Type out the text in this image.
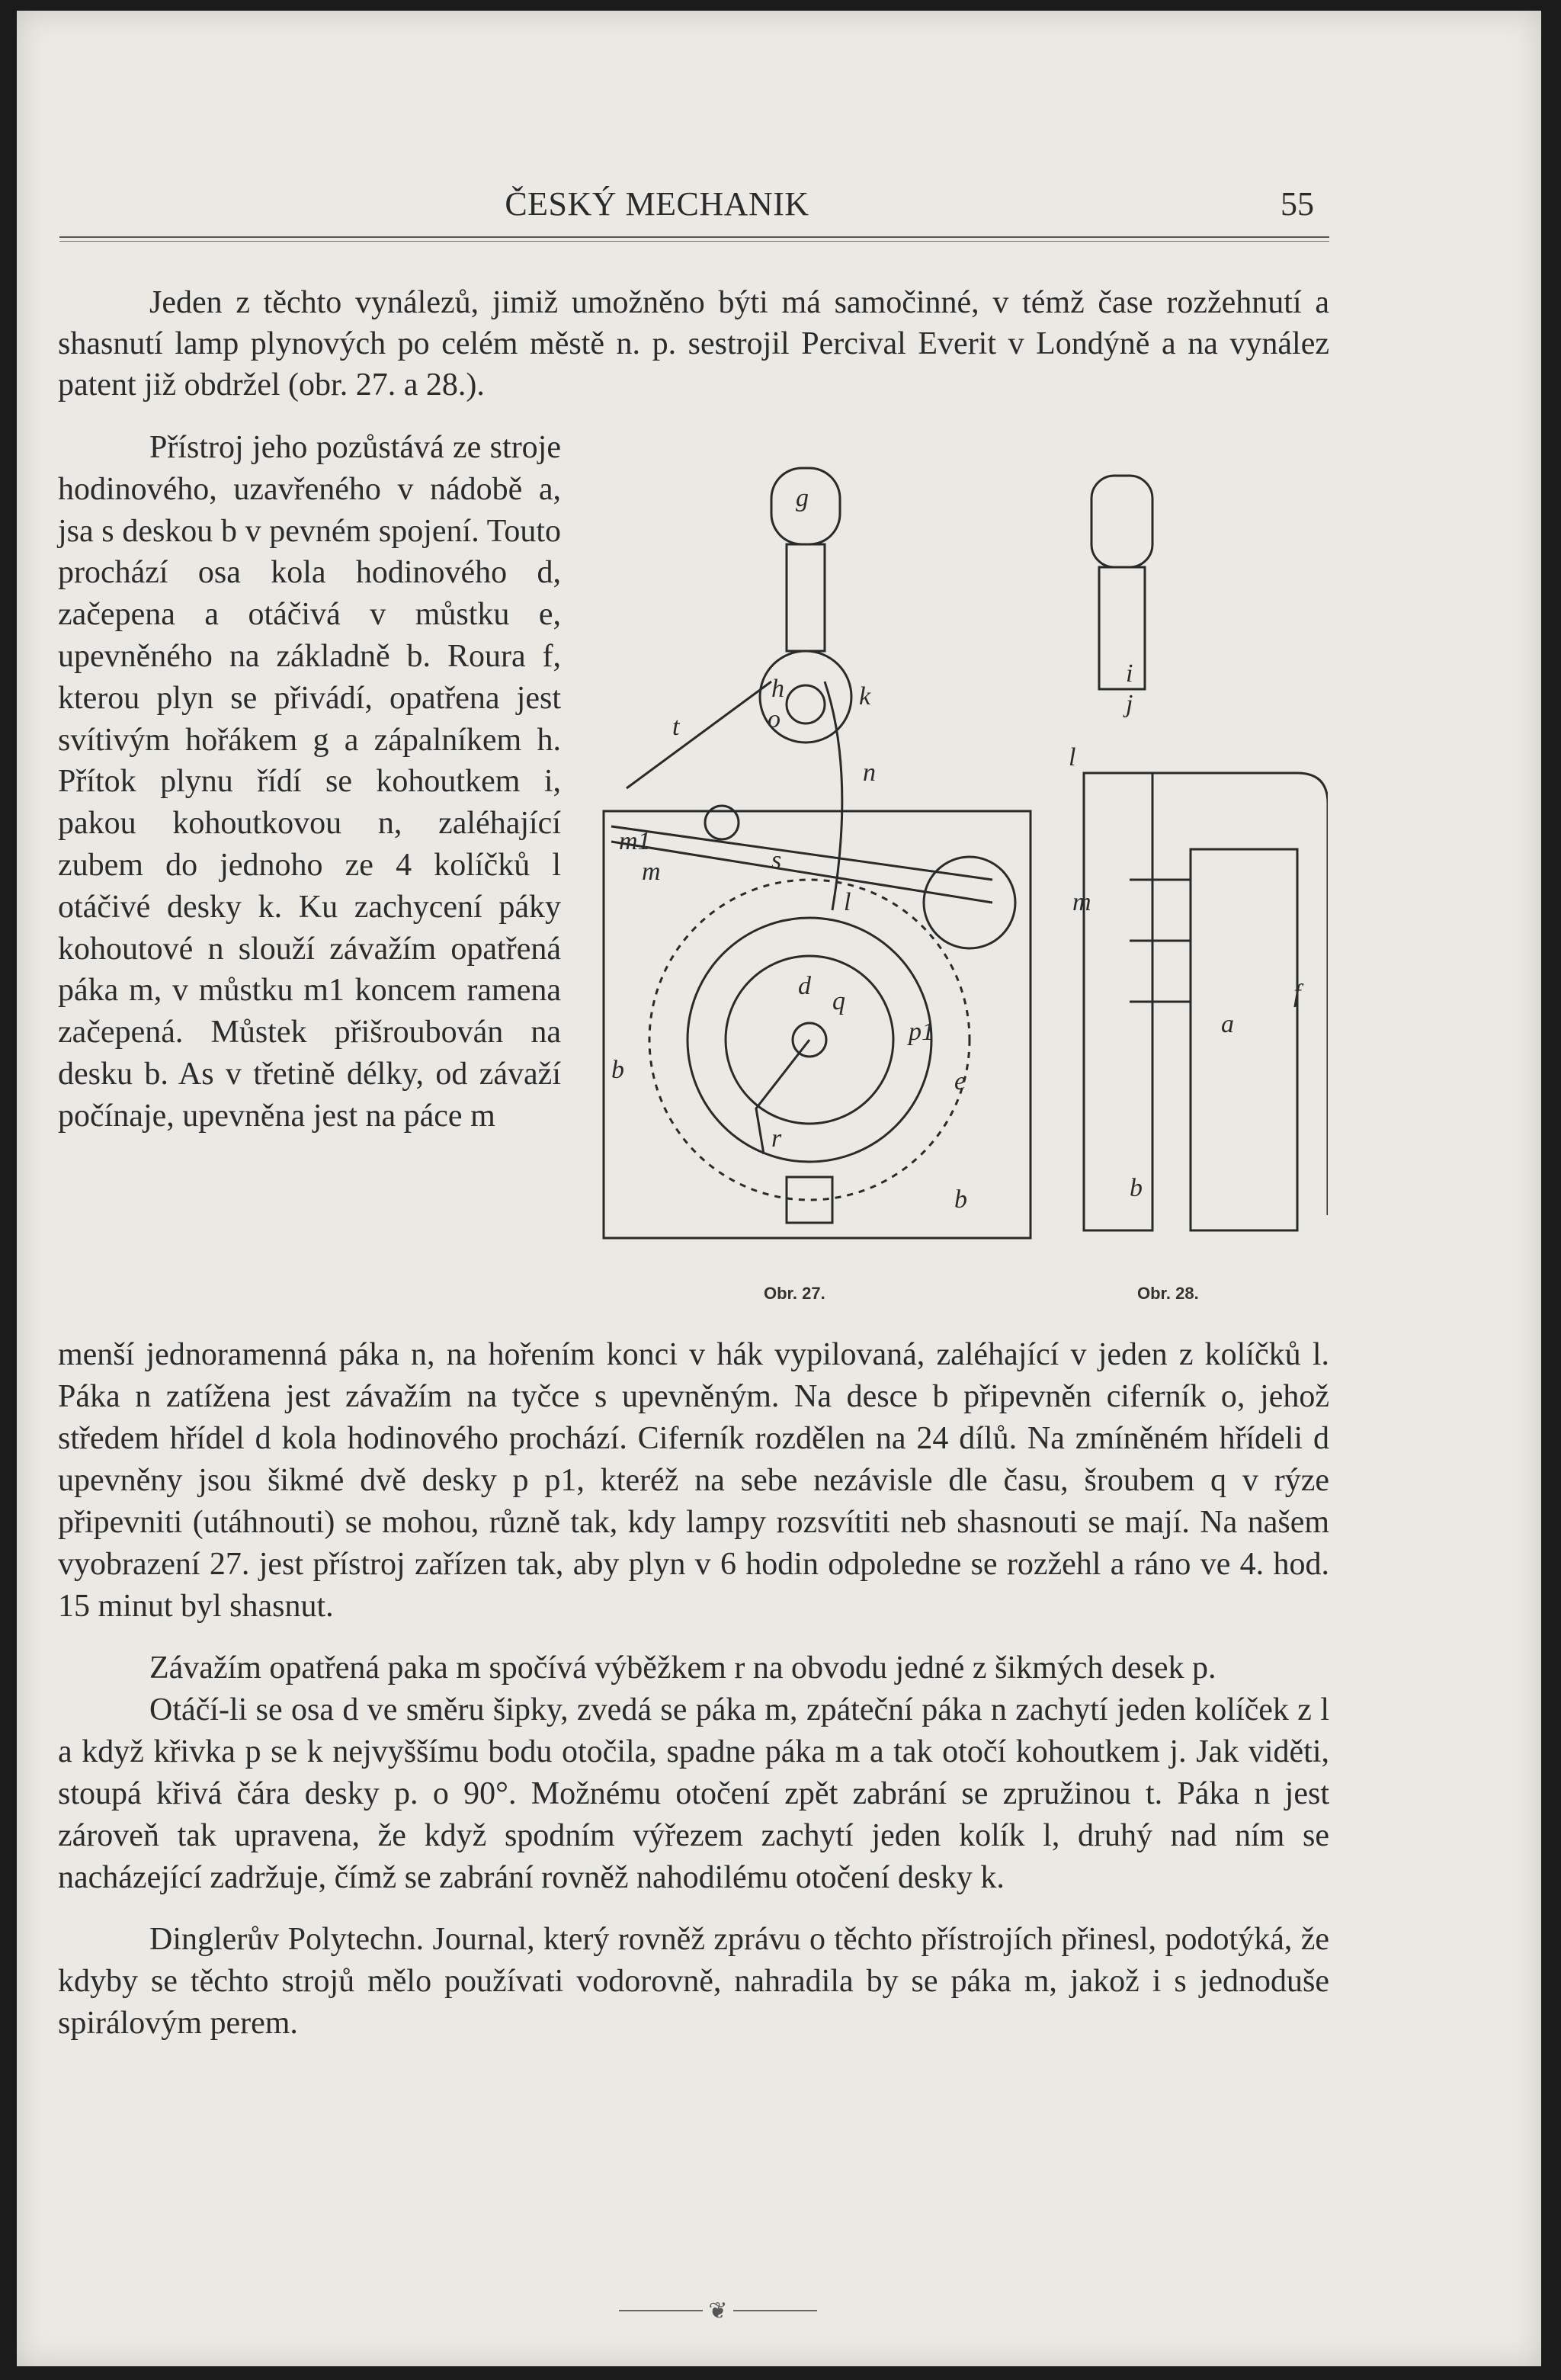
ČESKÝ MECHANIK	55

Jeden z těchto vynálezů, jimiž umožněno býti má samočinné, v témž čase rozžehnutí a shasnutí lamp plynových po celém městě n. p. sestrojil Percival Everit v Londýně a na vynález patent již obdržel (obr. 27. a 28.).

Přístroj jeho pozůstává ze stroje hodinového, uzavřeného v nádobě a, jsa s deskou b v pevném spojení. Touto prochází osa kola hodinového d, začepena a otáčivá v můstku e, upevněného na základně b. Roura f, kterou plyn se přivádí, opatřena jest svítivým hořákem g a zápalníkem h. Přítok plynu řídí se kohoutkem i, pakou kohoutkovou n, zaléhající zubem do jednoho ze 4 kolíčků l otáčivé desky k. Ku zachycení páky kohoutové n slouží závažím opatřená páka m, v můstku m1 koncem ramena začepená. Můstek přišroubován na desku b. As v třetině délky, od závaží počínaje, upevněna jest na páce m

g
k
t
h
o
n
m1
m	s
l
d
q
p1
e
b
r
b
i
j
l
m
a
f
b
Obr. 27.	Obr. 28.

menší jednoramenná páka n, na hořením konci v hák vypilovaná, zaléhající v jeden z kolíčků l. Páka n zatížena jest závažím na tyčce s upevněným. Na desce b připevněn ciferník o, jehož středem hřídel d kola hodinového prochází. Ciferník rozdělen na 24 dílů. Na zmíněném hřídeli d upevněny jsou šikmé dvě desky p p1, kteréž na sebe nezávisle dle času, šroubem q v rýze připevniti (utáhnouti) se mohou, různě tak, kdy lampy rozsvítiti neb shasnouti se mají. Na našem vyobrazení 27. jest přístroj zařízen tak, aby plyn v 6 hodin odpoledne se rozžehl a ráno ve 4. hod. 15 minut byl shasnut.

Závažím opatřená paka m spočívá výběžkem r na obvodu jedné z šikmých desek p.

Otáčí-li se osa d ve směru šipky, zvedá se páka m, zpáteční páka n zachytí jeden kolíček z l a když křivka p se k nejvyššímu bodu otočila, spadne páka m a tak otočí kohoutkem j. Jak viděti, stoupá křivá čára desky p. o 90°. Možnému otočení zpět zabrání se zpružinou t. Páka n jest zároveň tak upravena, že když spodním výřezem zachytí jeden kolík l, druhý nad ním se nacházející zadržuje, čímž se zabrání rovněž nahodilému otočení desky k.

Dinglerův Polytechn. Journal, který rovněž zprávu o těchto přístrojích přinesl, podotýká, že kdyby se těchto strojů mělo používati vodorovně, nahradila by se páka m, jakož i s jednoduše spirálovým perem.

❦
